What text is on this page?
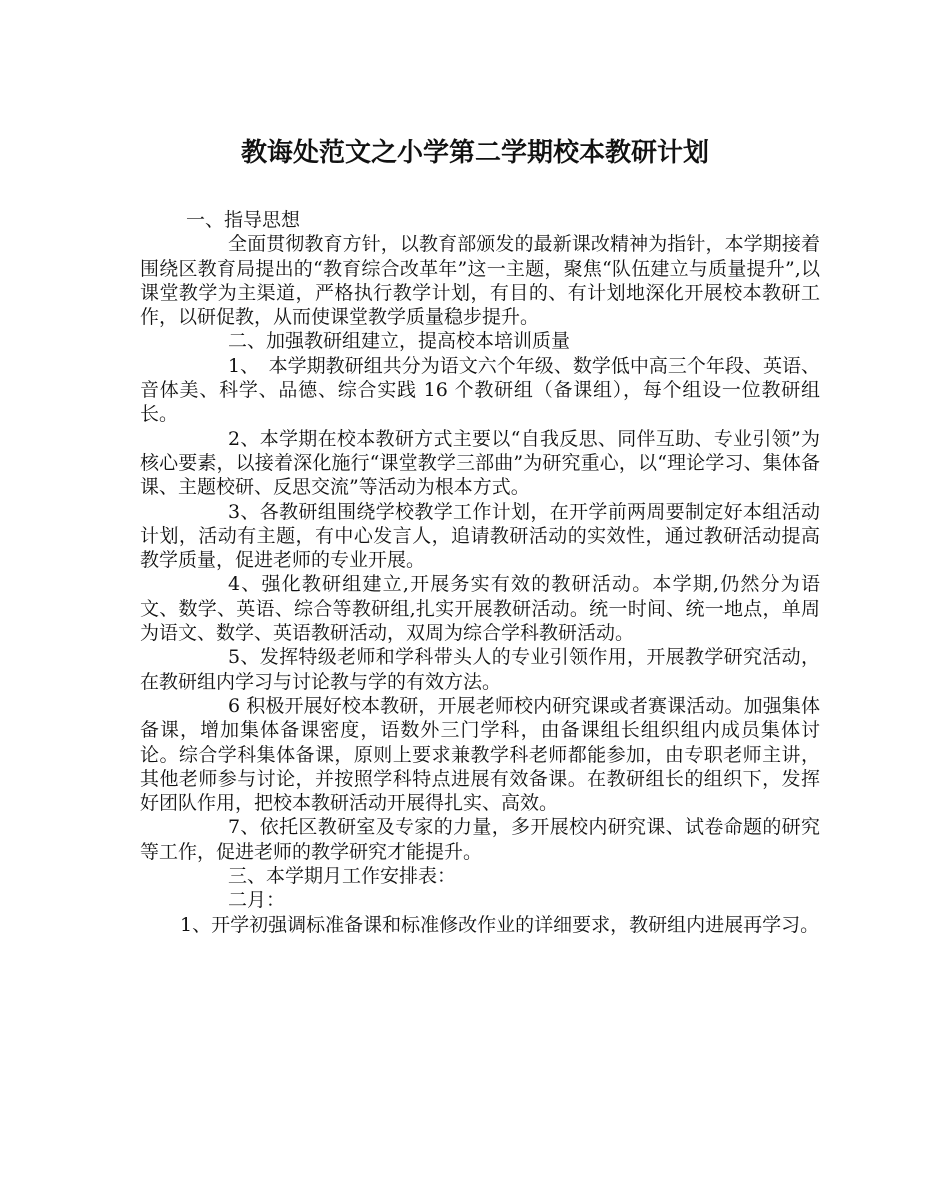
教诲处范文之小学第二学期校本教研计划

一、指导思想

全面贯彻教育方针，以教育部颁发的最新课改精神为指针，本学期接着围绕区教育局提出的“教育综合改革年”这一主题，聚焦“队伍建立与质量提升”,以课堂教学为主渠道，严格执行教学计划，有目的、有计划地深化开展校本教研工作，以研促教，从而使课堂教学质量稳步提升。

二、加强教研组建立，提高校本培训质量

1、　本学期教研组共分为语文六个年级、数学低中高三个年段、英语、音体美、科学、品德、综合实践 16 个教研组（备课组），每个组设一位教研组长。

2、本学期在校本教研方式主要以“自我反思、同伴互助、专业引领”为核心要素，以接着深化施行“课堂教学三部曲”为研究重心，以“理论学习、集体备课、主题校研、反思交流”等活动为根本方式。

3、各教研组围绕学校教学工作计划，在开学前两周要制定好本组活动计划，活动有主题，有中心发言人，追请教研活动的实效性，通过教研活动提高教学质量，促进老师的专业开展。

4、强化教研组建立,开展务实有效的教研活动。本学期,仍然分为语文、数学、英语、综合等教研组,扎实开展教研活动。统一时间、统一地点，单周为语文、数学、英语教研活动，双周为综合学科教研活动。

5、发挥特级老师和学科带头人的专业引领作用，开展教学研究活动，在教研组内学习与讨论教与学的有效方法。

6 积极开展好校本教研，开展老师校内研究课或者赛课活动。加强集体备课，增加集体备课密度，语数外三门学科，由备课组长组织组内成员集体讨论。综合学科集体备课，原则上要求兼教学科老师都能参加，由专职老师主讲，其他老师参与讨论，并按照学科特点进展有效备课。在教研组长的组织下，发挥好团队作用，把校本教研活动开展得扎实、高效。

7、依托区教研室及专家的力量，多开展校内研究课、试卷命题的研究等工作，促进老师的教学研究才能提升。

三、本学期月工作安排表：

二月：

1、开学初强调标准备课和标准修改作业的详细要求，教研组内进展再学习。
